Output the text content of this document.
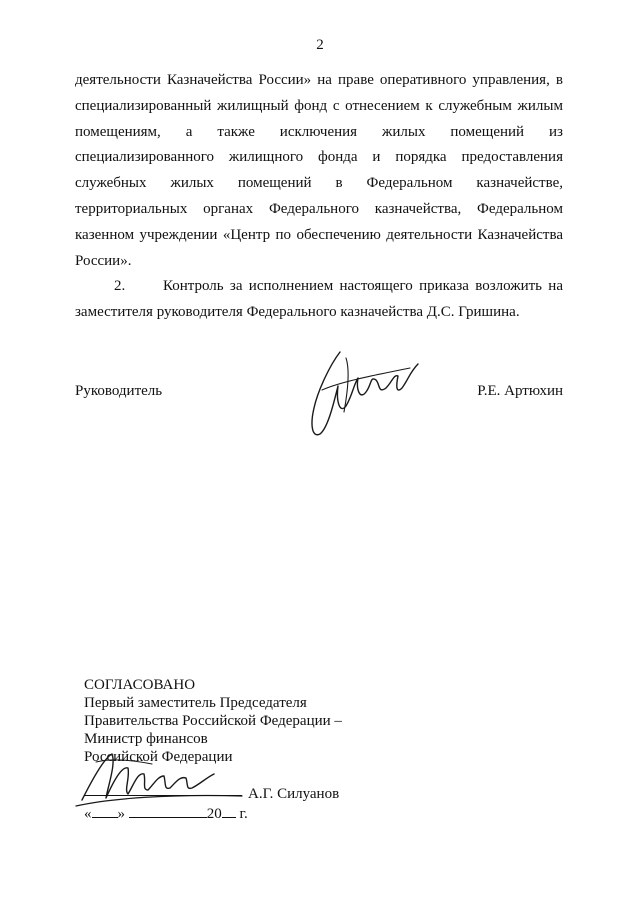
2

деятельности Казначейства России» на праве оперативного управления, в специализированный жилищный фонд с отнесением к служебным жилым помещениям, а также исключения жилых помещений из специализированного жилищного фонда и порядка предоставления служебных жилых помещений в Федеральном казначействе, территориальных органах Федерального казначейства, Федеральном казенном учреждении «Центр по обеспечению деятельности Казначейства России».

2.      Контроль за исполнением настоящего приказа возложить на заместителя руководителя Федерального казначейства Д.С. Гришина.

Руководитель	Р.Е. Артюхин
СОГЛАСОВАНО
Первый заместитель Председателя
Правительства Российской Федерации –
Министр финансов
Российской Федерации
А.Г. Силуанов
« »	20 г.
